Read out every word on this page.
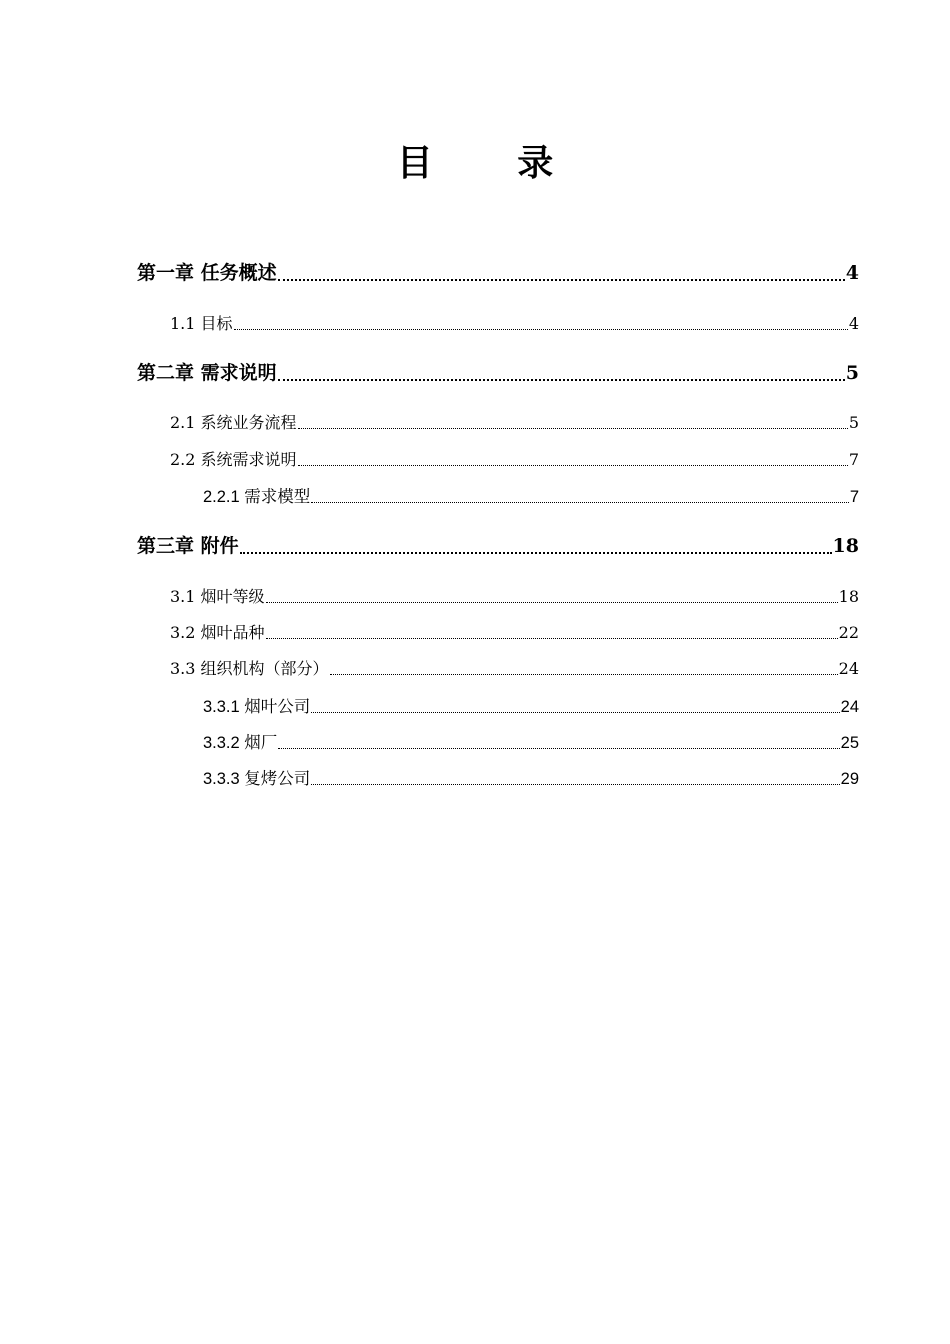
目 录
第一章 任务概述	4
1.1 目标	4
第二章 需求说明	5
2.1 系统业务流程	5
2.2 系统需求说明	7
2.2.1 需求模型	7
第三章 附件	18
3.1 烟叶等级	18
3.2 烟叶品种	22
3.3 组织机构（部分）	24
3.3.1 烟叶公司	24
3.3.2 烟厂	25
3.3.3 复烤公司	29
